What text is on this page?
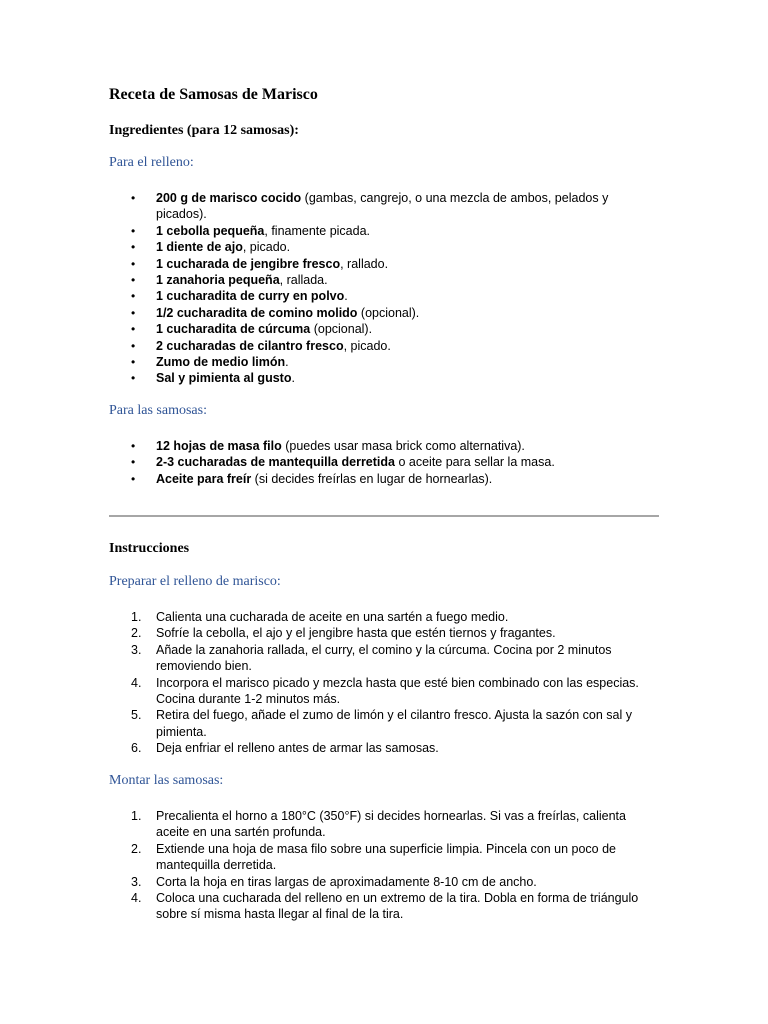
Receta de Samosas de Marisco
Ingredientes (para 12 samosas):
Para el relleno:
• 200 g de marisco cocido (gambas, cangrejo, o una mezcla de ambos, pelados y picados).
• 1 cebolla pequeña, finamente picada.
• 1 diente de ajo, picado.
• 1 cucharada de jengibre fresco, rallado.
• 1 zanahoria pequeña, rallada.
• 1 cucharadita de curry en polvo.
• 1/2 cucharadita de comino molido (opcional).
• 1 cucharadita de cúrcuma (opcional).
• 2 cucharadas de cilantro fresco, picado.
• Zumo de medio limón.
• Sal y pimienta al gusto.
Para las samosas:
• 12 hojas de masa filo (puedes usar masa brick como alternativa).
• 2-3 cucharadas de mantequilla derretida o aceite para sellar la masa.
• Aceite para freír (si decides freírlas en lugar de hornearlas).
Instrucciones
Preparar el relleno de marisco:
1. Calienta una cucharada de aceite en una sartén a fuego medio.
2. Sofríe la cebolla, el ajo y el jengibre hasta que estén tiernos y fragantes.
3. Añade la zanahoria rallada, el curry, el comino y la cúrcuma. Cocina por 2 minutos removiendo bien.
4. Incorpora el marisco picado y mezcla hasta que esté bien combinado con las especias. Cocina durante 1-2 minutos más.
5. Retira del fuego, añade el zumo de limón y el cilantro fresco. Ajusta la sazón con sal y pimienta.
6. Deja enfriar el relleno antes de armar las samosas.
Montar las samosas:
1. Precalienta el horno a 180°C (350°F) si decides hornearlas. Si vas a freírlas, calienta aceite en una sartén profunda.
2. Extiende una hoja de masa filo sobre una superficie limpia. Pincela con un poco de mantequilla derretida.
3. Corta la hoja en tiras largas de aproximadamente 8-10 cm de ancho.
4. Coloca una cucharada del relleno en un extremo de la tira. Dobla en forma de triángulo sobre sí misma hasta llegar al final de la tira.
